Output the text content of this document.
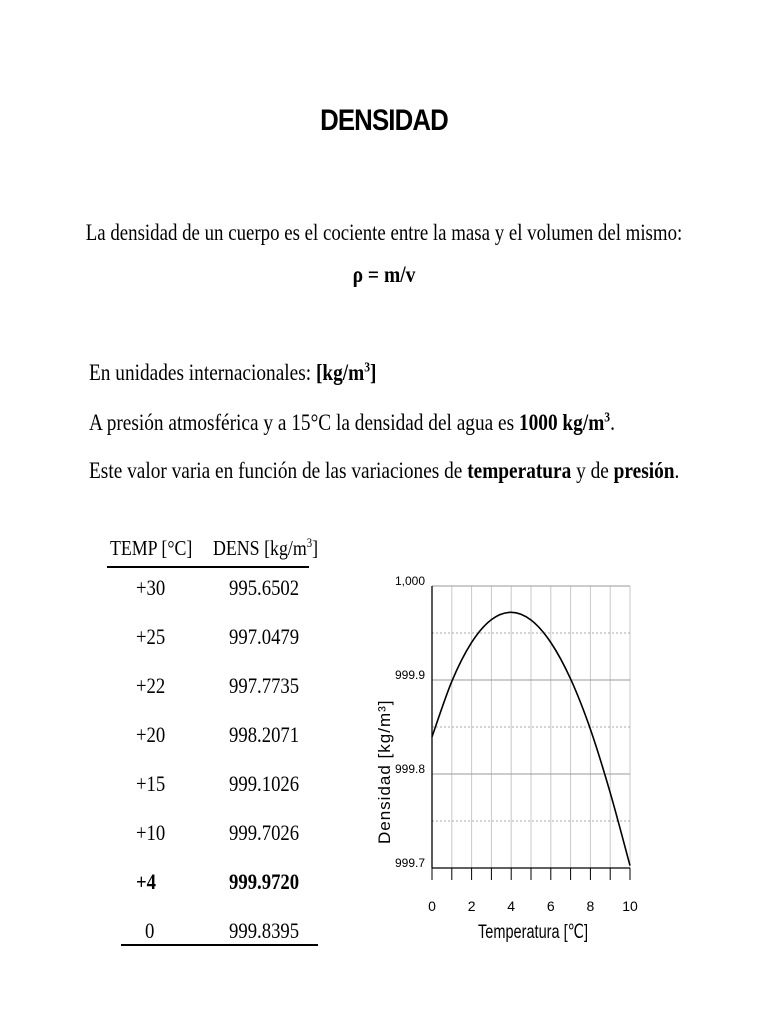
DENSIDAD
La densidad de un cuerpo es el cociente entre la masa y el volumen del mismo:
ρ = m/v
En unidades internacionales: $[kg/m^3]$
A presión atmosférica y a 15°C la densidad del agua es 1000 $kg/m^3$.
Este valor varia en función de las variaciones de temperatura y de presión.
TEMP [°C] DENS $[kg/m^3]$
+30	995.6502
+25	997.0479
+22	997.7735
+20	998.2071
+15	999.1026
+10	999.7026
+4	999.9720
0	999.8395
0 2 4 6 8 10
999.7
999.8
999.9
1,000
Densidad [kg/m³]
Temperatura [℃]
